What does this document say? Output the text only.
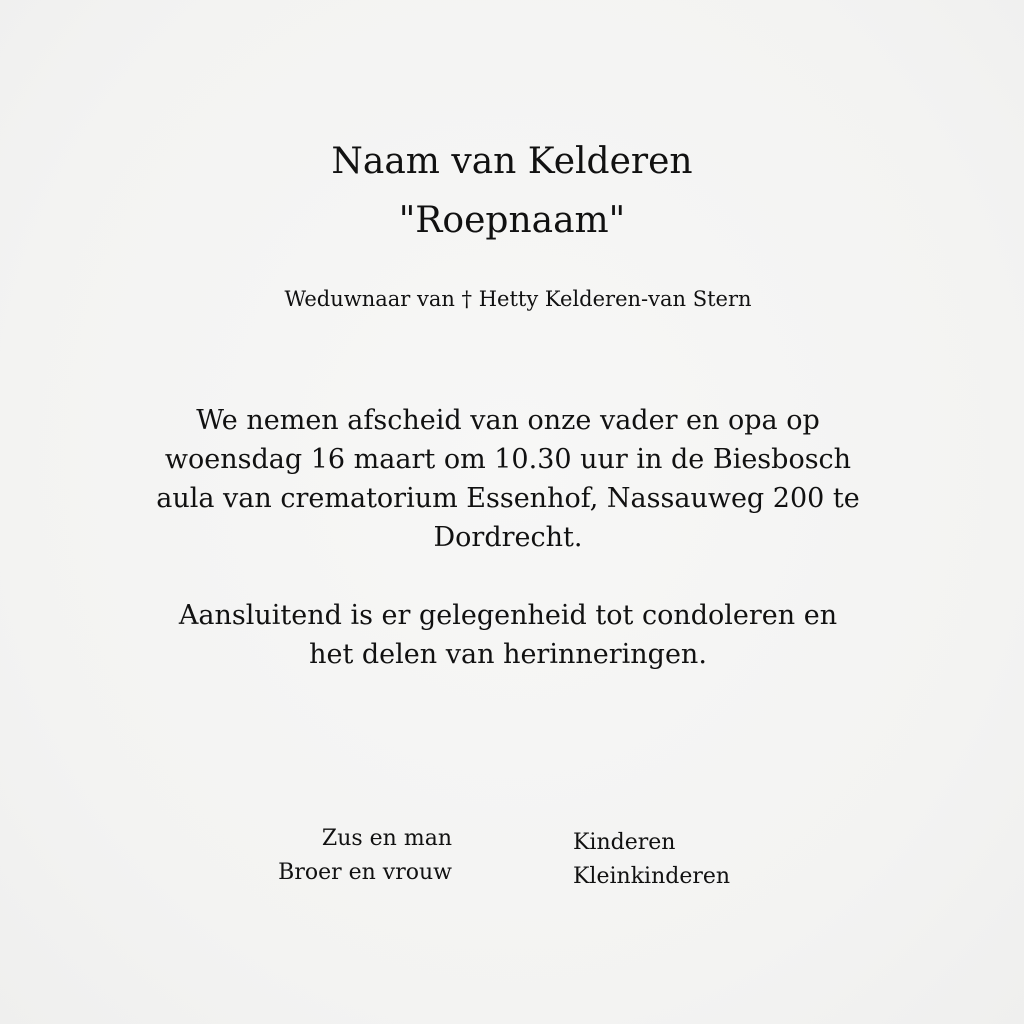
Naam van Kelderen
"Roepnaam"
Weduwnaar van † Hetty Kelderen-van Stern
We nemen afscheid van onze vader en opa op
woensdag 16 maart om 10.30 uur in de Biesbosch
aula van crematorium Essenhof, Nassauweg 200 te
Dordrecht.
Aansluitend is er gelegenheid tot condoleren en
het delen van herinneringen.
Zus en man
Broer en vrouw
Kinderen
Kleinkinderen
